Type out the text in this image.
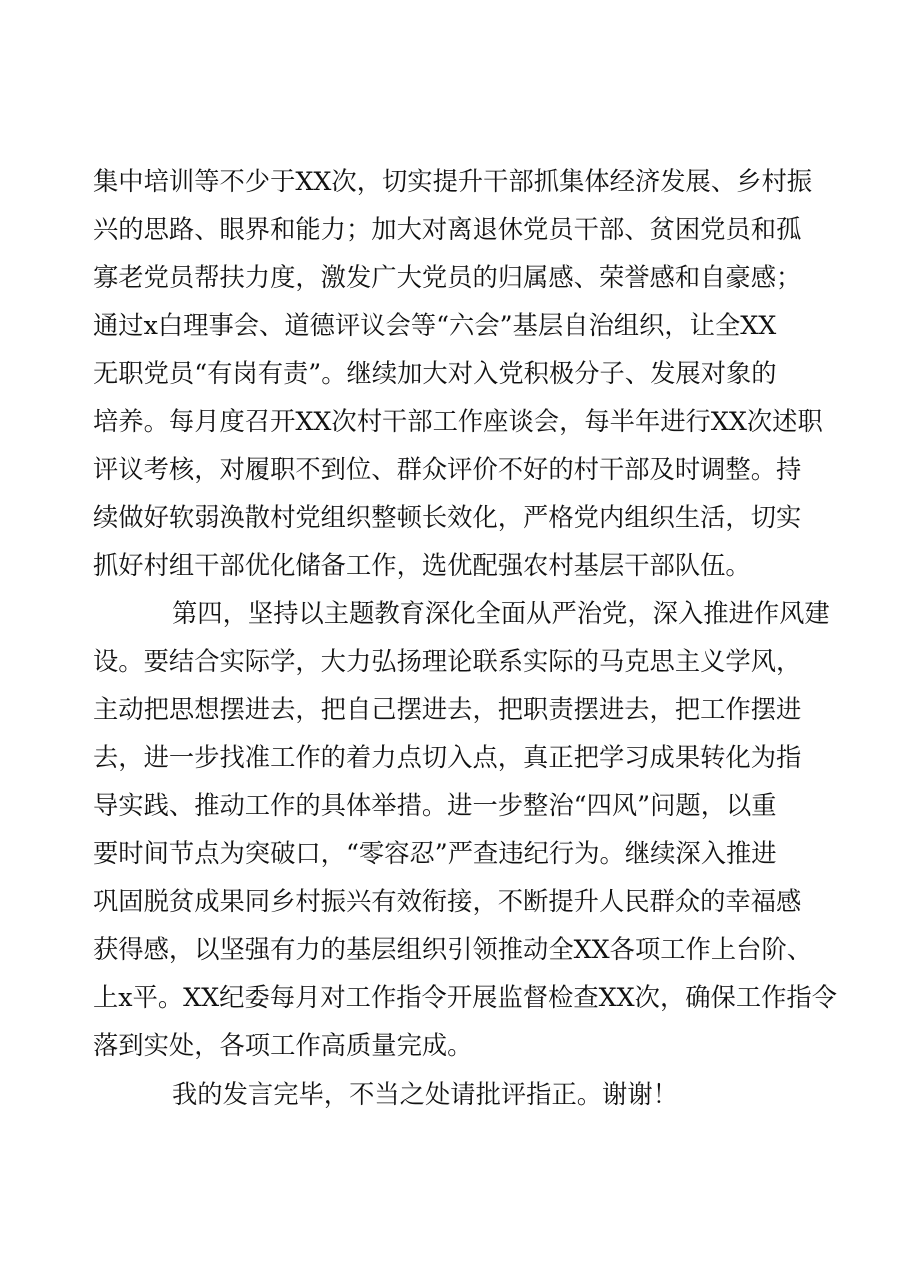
集中培训等不少于XX次，切实提升干部抓集体经济发展、乡村振
兴的思路、眼界和能力；加大对离退休党员干部、贫困党员和孤
寡老党员帮扶力度，激发广大党员的归属感、荣誉感和自豪感；
通过x白理事会、道德评议会等“六会”基层自治组织，让全XX
无职党员“有岗有责”。继续加大对入党积极分子、发展对象的
培养。每月度召开XX次村干部工作座谈会，每半年进行XX次述职
评议考核，对履职不到位、群众评价不好的村干部及时调整。持
续做好软弱涣散村党组织整顿长效化，严格党内组织生活，切实
抓好村组干部优化储备工作，选优配强农村基层干部队伍。
第四，坚持以主题教育深化全面从严治党，深入推进作风建
设。要结合实际学，大力弘扬理论联系实际的马克思主义学风，
主动把思想摆进去，把自己摆进去，把职责摆进去，把工作摆进
去，进一步找准工作的着力点切入点，真正把学习成果转化为指
导实践、推动工作的具体举措。进一步整治“四风”问题，以重
要时间节点为突破口，“零容忍”严查违纪行为。继续深入推进
巩固脱贫成果同乡村振兴有效衔接，不断提升人民群众的幸福感
获得感，以坚强有力的基层组织引领推动全XX各项工作上台阶、
上x平。XX纪委每月对工作指令开展监督检查XX次，确保工作指令
落到实处，各项工作高质量完成。
我的发言完毕，不当之处请批评指正。谢谢！
